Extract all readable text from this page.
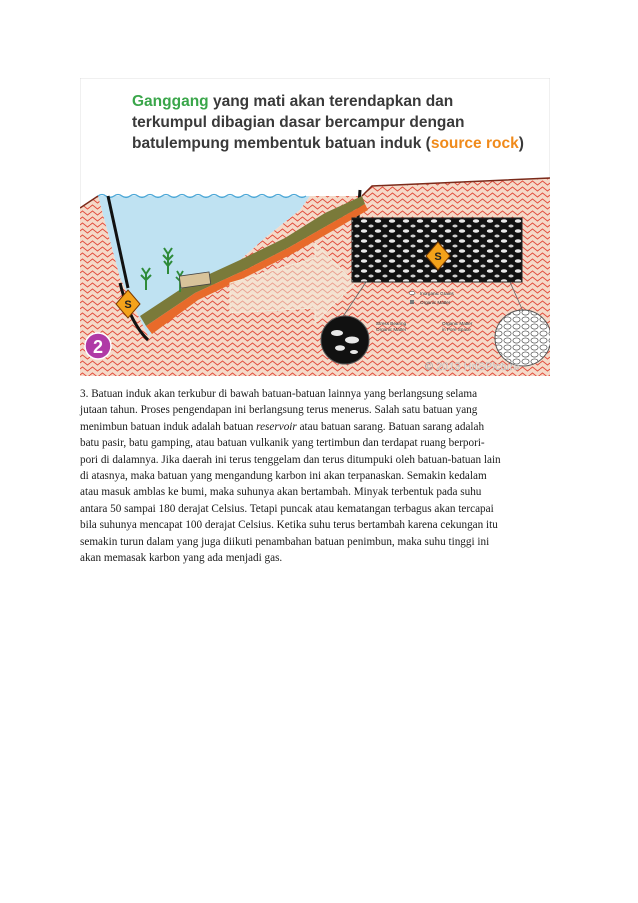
Ganggang yang mati akan terendapkan dan
terkumpul dibagian dasar bercampur dengan
batulempung membentuk batuan induk (source rock)
S
S
Inorganic Grains
Organic Matter
Stress Bearing
Organic Matter
Organic Matter
in Pore Space
2
© 2013 HdSPicture

3. Batuan induk akan terkubur di bawah batuan-batuan lainnya yang berlangsung selama
jutaan tahun. Proses pengendapan ini berlangsung terus menerus. Salah satu batuan yang
menimbun batuan induk adalah batuan reservoir atau batuan sarang. Batuan sarang adalah
batu pasir, batu gamping, atau batuan vulkanik yang tertimbun dan terdapat ruang berpori-
pori di dalamnya. Jika daerah ini terus tenggelam dan terus ditumpuki oleh batuan-batuan lain
di atasnya, maka batuan yang mengandung karbon ini akan terpanaskan. Semakin kedalam
atau masuk amblas ke bumi, maka suhunya akan bertambah. Minyak terbentuk pada suhu
antara 50 sampai 180 derajat Celsius. Tetapi puncak atau kematangan terbagus akan tercapai
bila suhunya mencapat 100 derajat Celsius. Ketika suhu terus bertambah karena cekungan itu
semakin turun dalam yang juga diikuti penambahan batuan penimbun, maka suhu tinggi ini
akan memasak karbon yang ada menjadi gas.
